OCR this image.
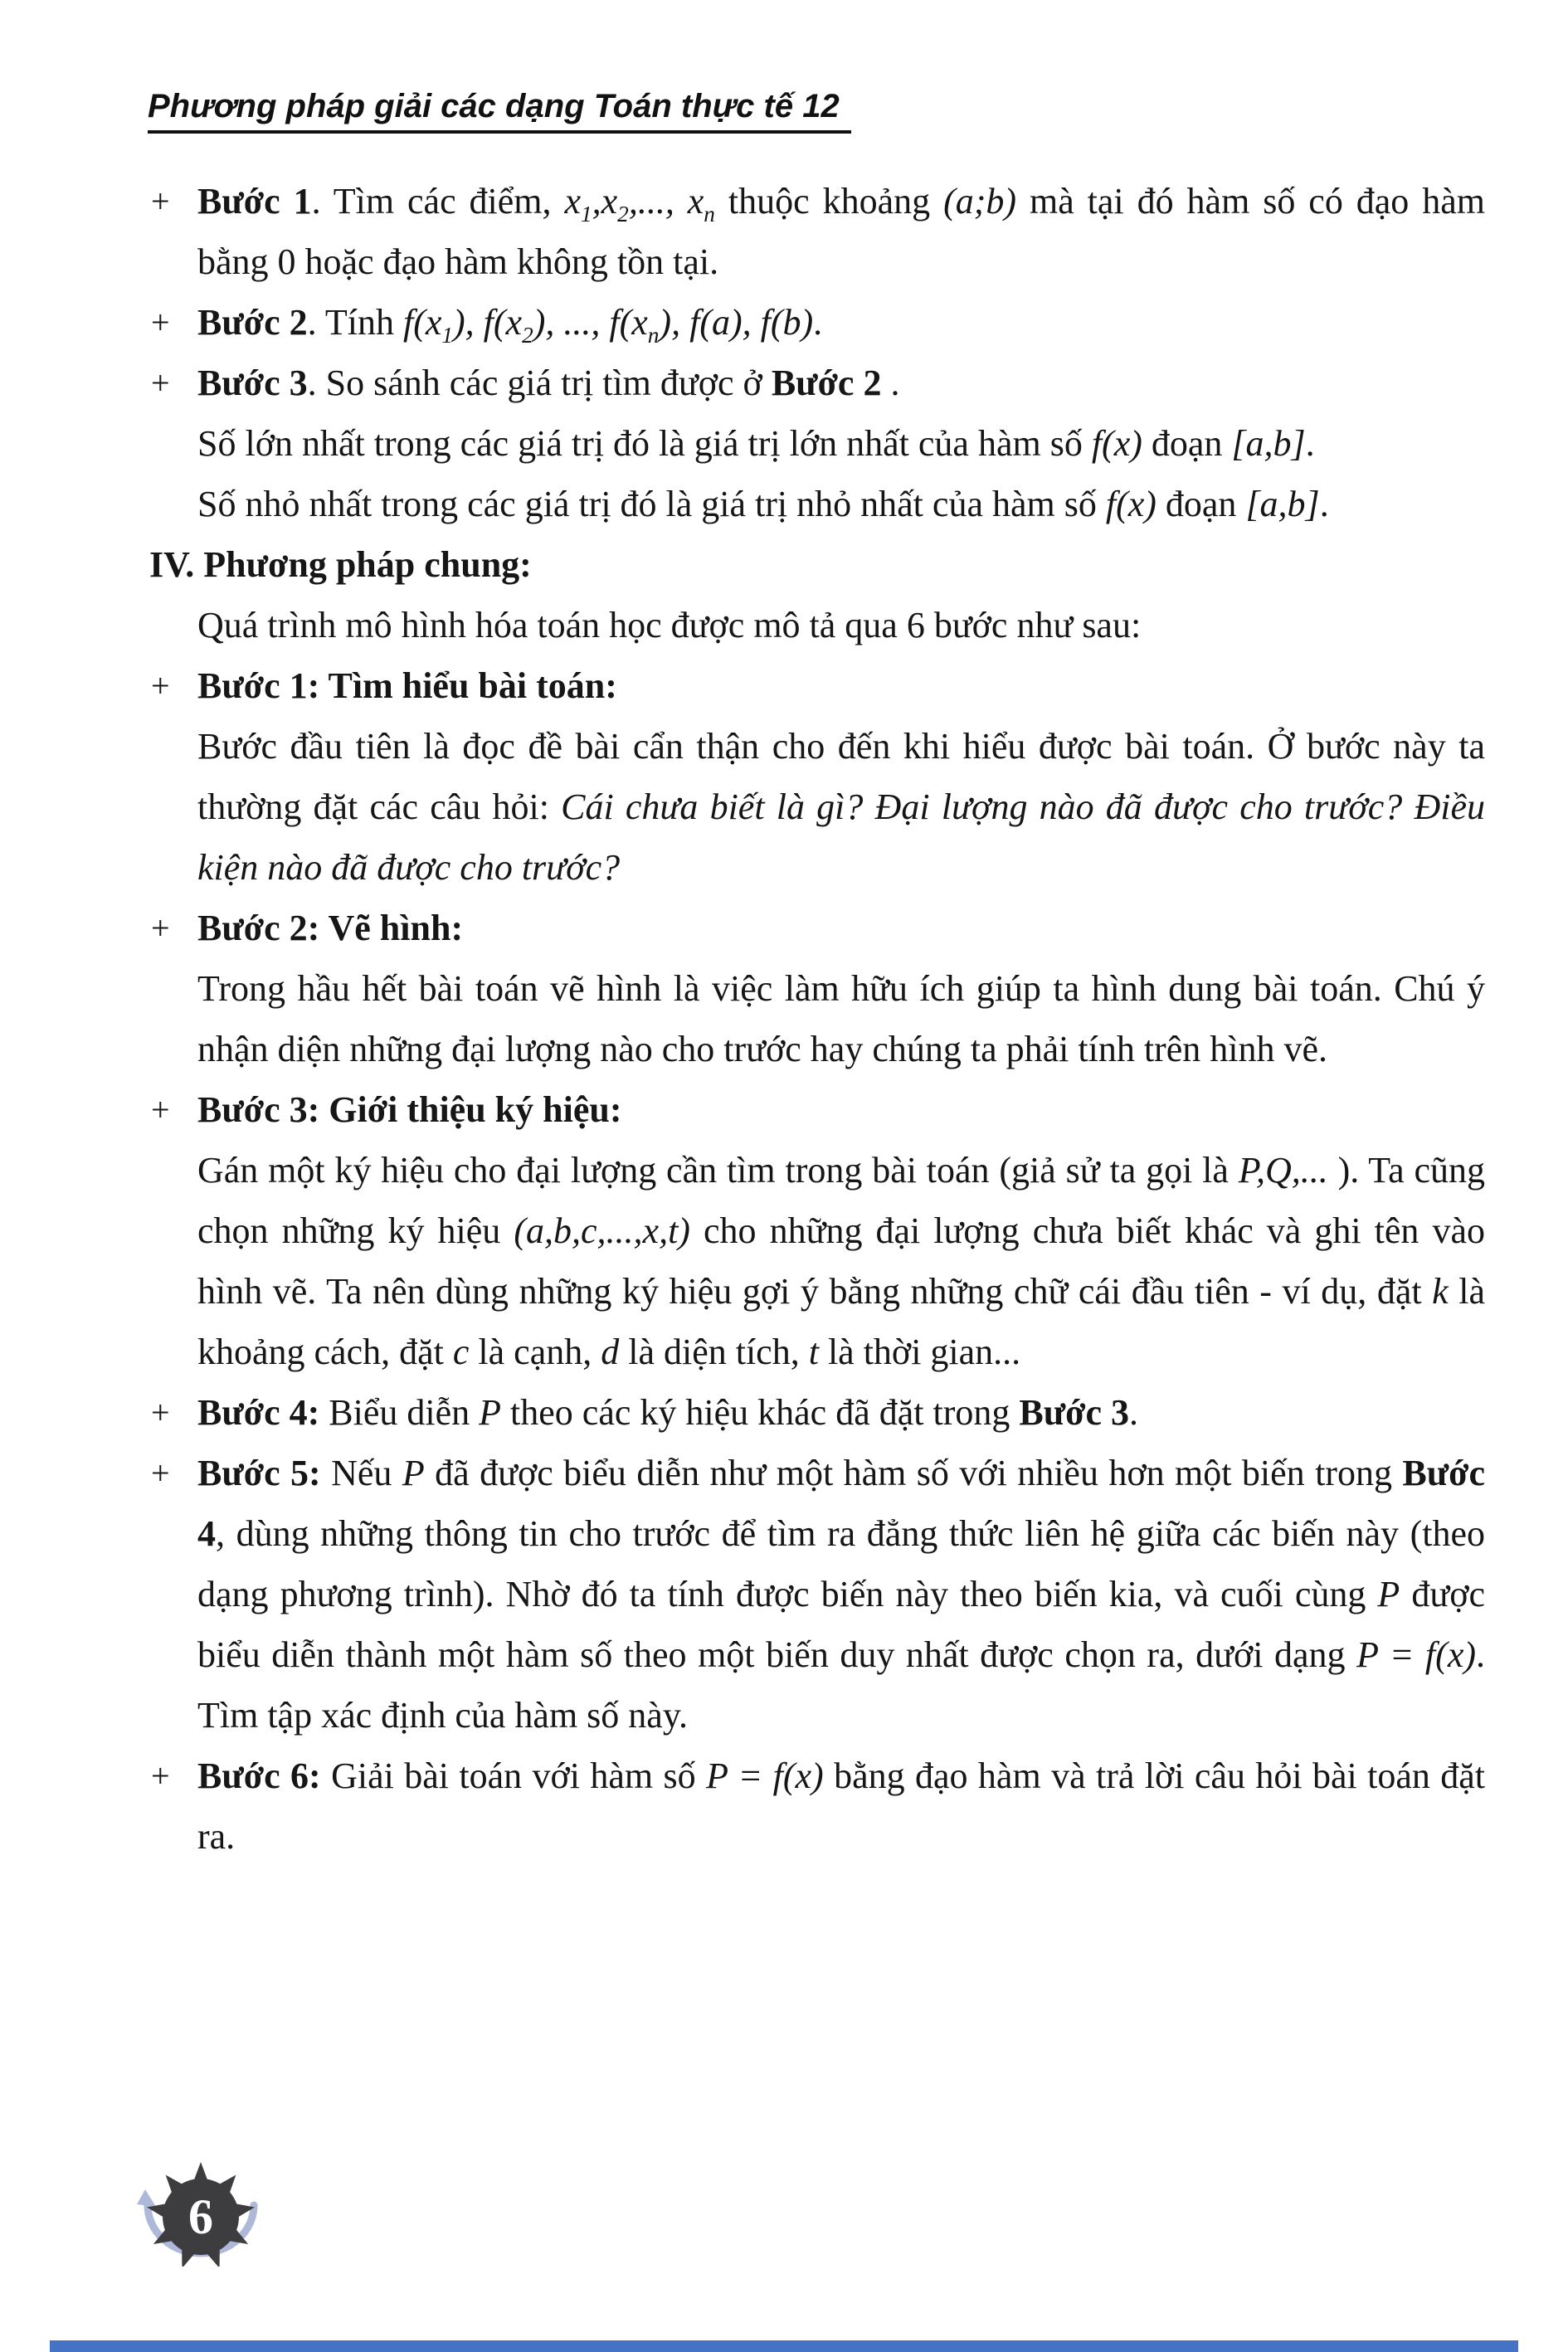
Phương pháp giải các dạng Toán thực tế 12
+ Bước 1. Tìm các điểm, $x_1,x_2$,..., $x_n$ thuộc khoảng (a;b) mà tại đó hàm số có đạo hàm bằng 0 hoặc đạo hàm không tồn tại.
+ Bước 2. Tính $f(x_1)$, $f(x_2)$, ..., $f(x_n)$, f(a), f(b).
+ Bước 3. So sánh các giá trị tìm được ở Bước 2 .
Số lớn nhất trong các giá trị đó là giá trị lớn nhất của hàm số f(x) đoạn [a,b].
Số nhỏ nhất trong các giá trị đó là giá trị nhỏ nhất của hàm số f(x) đoạn [a,b].
IV. Phương pháp chung:
Quá trình mô hình hóa toán học được mô tả qua 6 bước như sau:
+ Bước 1: Tìm hiểu bài toán:
Bước đầu tiên là đọc đề bài cẩn thận cho đến khi hiểu được bài toán. Ở bước này ta thường đặt các câu hỏi: Cái chưa biết là gì? Đại lượng nào đã được cho trước? Điều kiện nào đã được cho trước?
+ Bước 2: Vẽ hình:
Trong hầu hết bài toán vẽ hình là việc làm hữu ích giúp ta hình dung bài toán. Chú ý nhận diện những đại lượng nào cho trước hay chúng ta phải tính trên hình vẽ.
+ Bước 3: Giới thiệu ký hiệu:
Gán một ký hiệu cho đại lượng cần tìm trong bài toán (giả sử ta gọi là P,Q,... ). Ta cũng chọn những ký hiệu (a,b,c,...,x,t) cho những đại lượng chưa biết khác và ghi tên vào hình vẽ. Ta nên dùng những ký hiệu gợi ý bằng những chữ cái đầu tiên - ví dụ, đặt k là khoảng cách, đặt c là cạnh, d là diện tích, t là thời gian...
+ Bước 4: Biểu diễn P theo các ký hiệu khác đã đặt trong Bước 3.
+ Bước 5: Nếu P đã được biểu diễn như một hàm số với nhiều hơn một biến trong Bước 4, dùng những thông tin cho trước để tìm ra đẳng thức liên hệ giữa các biến này (theo dạng phương trình). Nhờ đó ta tính được biến này theo biến kia, và cuối cùng P được biểu diễn thành một hàm số theo một biến duy nhất được chọn ra, dưới dạng P = f(x). Tìm tập xác định của hàm số này.
+ Bước 6: Giải bài toán với hàm số P = f(x) bằng đạo hàm và trả lời câu hỏi bài toán đặt ra.
6
